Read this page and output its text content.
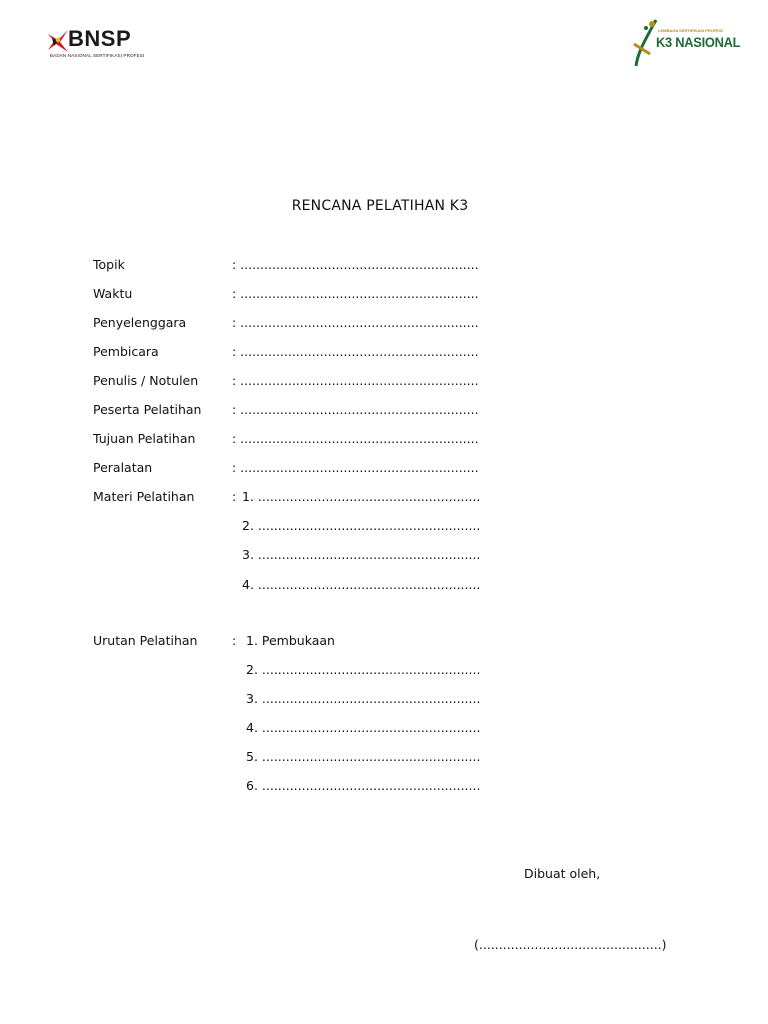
BNSP
BADAN NASIONAL SERTIFIKASI PROFESI
LEMBAGA SERTIFIKASI PROFESI
K3 NASIONAL
RENCANA PELATIHAN K3
Topik	: ............................................................
Waktu	: ............................................................
Penyelenggara	: ............................................................
Pembicara	: ............................................................
Penulis / Notulen	: ............................................................
Peserta Pelatihan : ............................................................
Tujuan Pelatihan	: ............................................................
Peralatan	: ............................................................
Materi Pelatihan	: 1. ........................................................
2. ........................................................
3. ........................................................
4. ........................................................
Urutan Pelatihan	: 1. Pembukaan
2. .......................................................
3. .......................................................
4. .......................................................
5. .......................................................
6. .......................................................
Dibuat oleh,
(..............................................)
